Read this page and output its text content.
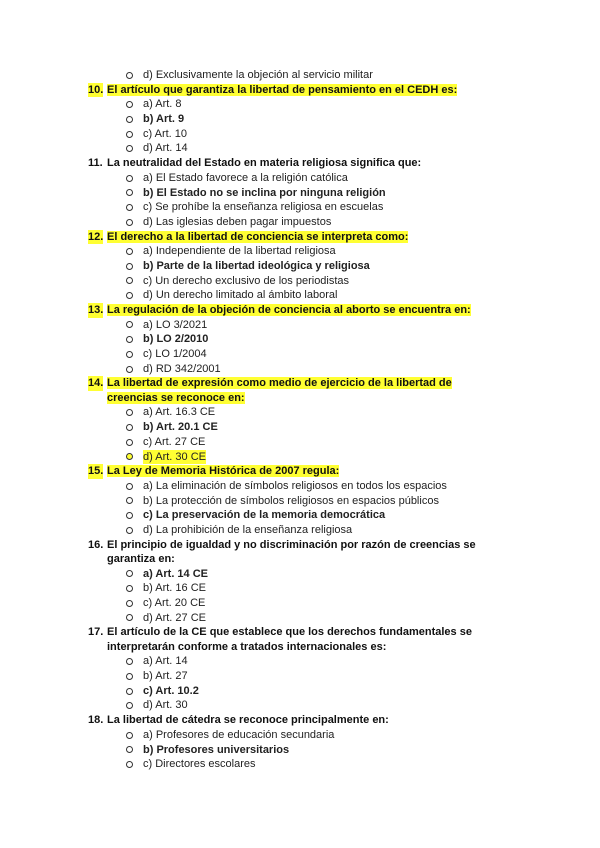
d) Exclusivamente la objeción al servicio militar
10. El artículo que garantiza la libertad de pensamiento en el CEDH es:
a) Art. 8
b) Art. 9
c) Art. 10
d) Art. 14
11. La neutralidad del Estado en materia religiosa significa que:
a) El Estado favorece a la religión católica
b) El Estado no se inclina por ninguna religión
c) Se prohíbe la enseñanza religiosa en escuelas
d) Las iglesias deben pagar impuestos
12. El derecho a la libertad de conciencia se interpreta como:
a) Independiente de la libertad religiosa
b) Parte de la libertad ideológica y religiosa
c) Un derecho exclusivo de los periodistas
d) Un derecho limitado al ámbito laboral
13. La regulación de la objeción de conciencia al aborto se encuentra en:
a) LO 3/2021
b) LO 2/2010
c) LO 1/2004
d) RD 342/2001
14. La libertad de expresión como medio de ejercicio de la libertad de creencias se reconoce en:
a) Art. 16.3 CE
b) Art. 20.1 CE
c) Art. 27 CE
d) Art. 30 CE
15. La Ley de Memoria Histórica de 2007 regula:
a) La eliminación de símbolos religiosos en todos los espacios
b) La protección de símbolos religiosos en espacios públicos
c) La preservación de la memoria democrática
d) La prohibición de la enseñanza religiosa
16. El principio de igualdad y no discriminación por razón de creencias se garantiza en:
a) Art. 14 CE
b) Art. 16 CE
c) Art. 20 CE
d) Art. 27 CE
17. El artículo de la CE que establece que los derechos fundamentales se interpretarán conforme a tratados internacionales es:
a) Art. 14
b) Art. 27
c) Art. 10.2
d) Art. 30
18. La libertad de cátedra se reconoce principalmente en:
a) Profesores de educación secundaria
b) Profesores universitarios
c) Directores escolares
